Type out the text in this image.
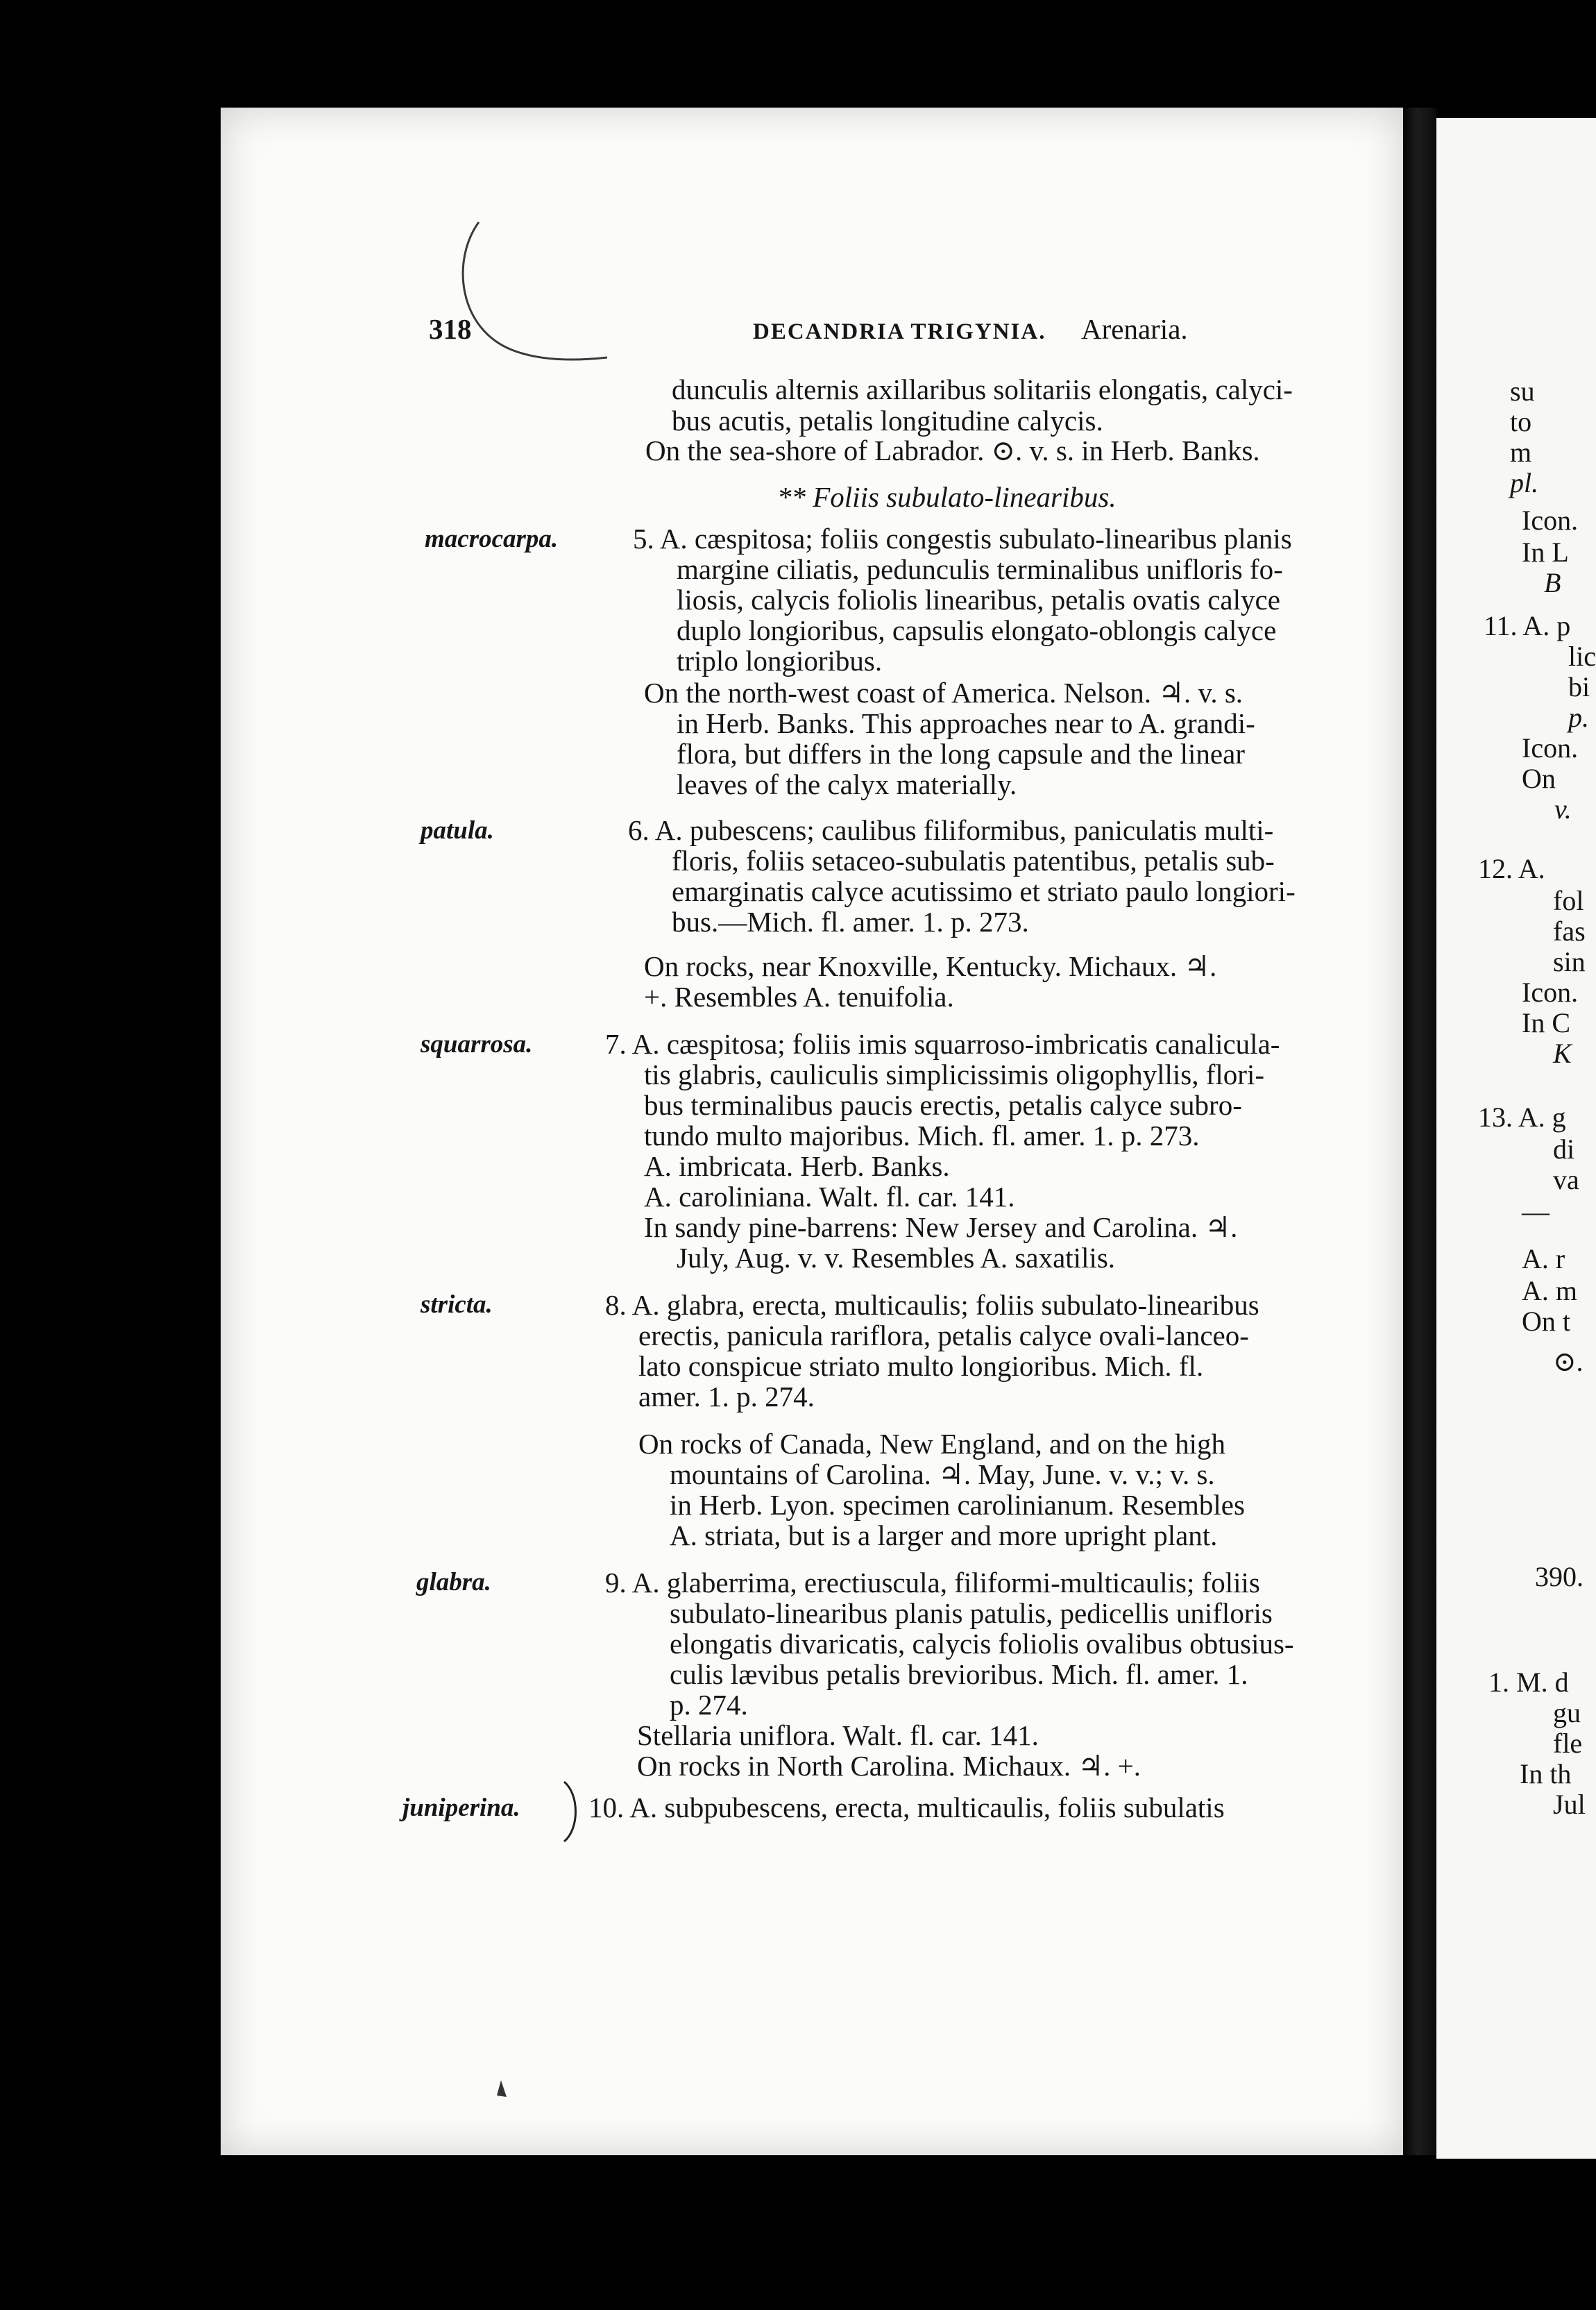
318	DECANDRIA TRIGYNIA. Arenaria.
dunculis alternis axillaribus solitariis elongatis, calyci-
bus acutis, petalis longitudine calycis.
On the sea-shore of Labrador. ⊙. v. s. in Herb. Banks.
** Foliis subulato-linearibus.
5. A. cæspitosa; foliis congestis subulato-linearibus planis
margine ciliatis, pedunculis terminalibus unifloris fo-
liosis, calycis foliolis linearibus, petalis ovatis calyce
duplo longioribus, capsulis elongato-oblongis calyce
triplo longioribus.
On the north-west coast of America. Nelson. ♃. v. s.
in Herb. Banks. This approaches near to A. grandi-
flora, but differs in the long capsule and the linear
leaves of the calyx materially.
6. A. pubescens; caulibus filiformibus, paniculatis multi-
floris, foliis setaceo-subulatis patentibus, petalis sub-
emarginatis calyce acutissimo et striato paulo longiori-
bus.—Mich. fl. amer. 1. p. 273.
On rocks, near Knoxville, Kentucky. Michaux. ♃.
+. Resembles A. tenuifolia.
7. A. cæspitosa; foliis imis squarroso-imbricatis canalicula-
tis glabris, cauliculis simplicissimis oligophyllis, flori-
bus terminalibus paucis erectis, petalis calyce subro-
tundo multo majoribus. Mich. fl. amer. 1. p. 273.
A. imbricata. Herb. Banks.
A. caroliniana. Walt. fl. car. 141.
In sandy pine-barrens: New Jersey and Carolina. ♃.
July, Aug. v. v. Resembles A. saxatilis.
8. A. glabra, erecta, multicaulis; foliis subulato-linearibus
erectis, panicula rariflora, petalis calyce ovali-lanceo-
lato conspicue striato multo longioribus. Mich. fl.
amer. 1. p. 274.
On rocks of Canada, New England, and on the high
mountains of Carolina. ♃. May, June. v. v.; v. s.
in Herb. Lyon. specimen carolinianum. Resembles
A. striata, but is a larger and more upright plant.
9. A. glaberrima, erectiuscula, filiformi-multicaulis; foliis
subulato-linearibus planis patulis, pedicellis unifloris
elongatis divaricatis, calycis foliolis ovalibus obtusius-
culis lævibus petalis brevioribus. Mich. fl. amer. 1.
p. 274.
Stellaria uniflora. Walt. fl. car. 141.
On rocks in North Carolina. Michaux. ♃. +.
10. A. subpubescens, erecta, multicaulis, foliis subulatis
macrocarpa.
patula.
squarrosa.
stricta.
glabra.
juniperina.
su
to
m
pl.
Icon.
In L
B
11. A. p
lic
bi
p.
Icon.
On
v.
12. A.
fol
fas
sin
Icon.
In C
K
13. A. g
di
va
—
A. r
A. m
On t
⊙.
390.
1. M. d
gu
fle
In th
Jul
